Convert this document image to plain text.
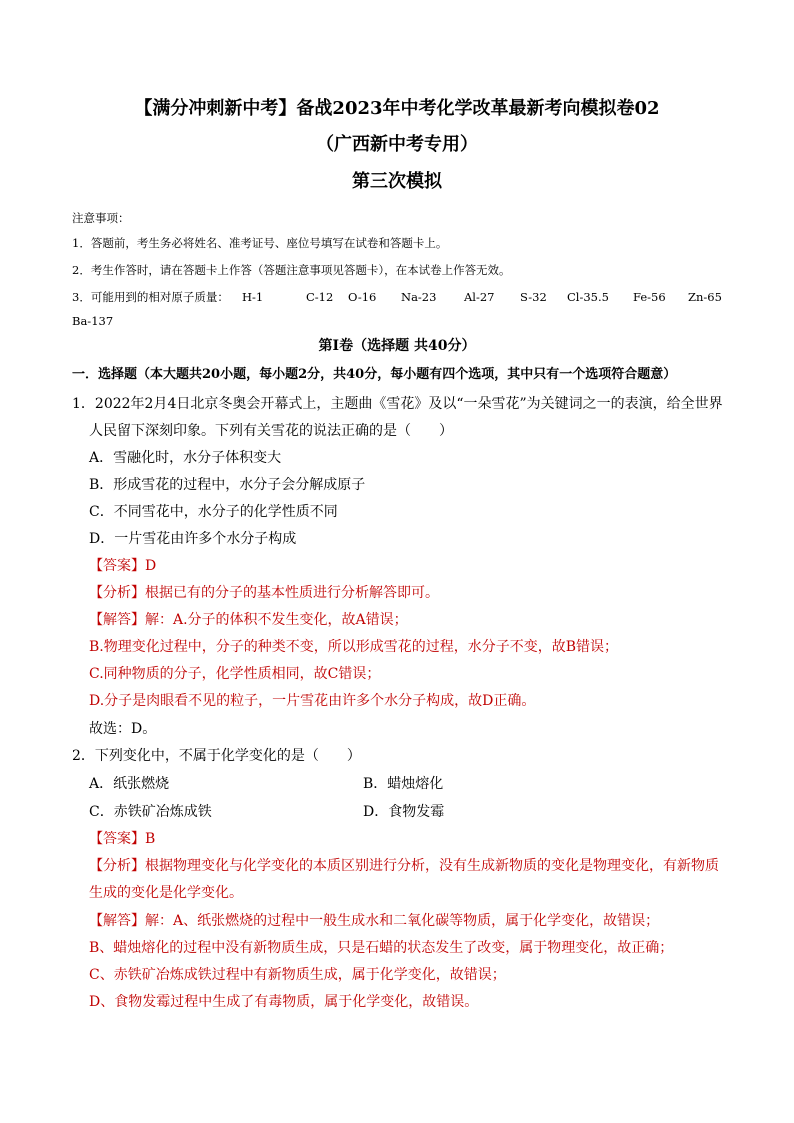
【满分冲刺新中考】备战2023年中考化学改革最新考向模拟卷02
（广西新中考专用）
第三次模拟
注意事项：
1．答题前，考生务必将姓名、准考证号、座位号填写在试卷和答题卡上。
2．考生作答时，请在答题卡上作答（答题注意事项见答题卡），在本试卷上作答无效。
3．可能用到的相对原子质量： H-1	C-12 O-16 Na-23 Al-27 S-32 Cl-35.5 Fe-56 Zn-65
Ba-137
第I卷（选择题 共40分）
一．选择题（本大题共20小题，每小题2分，共40分，每小题有四个选项，其中只有一个选项符合题意）
1．2022年2月4日北京冬奥会开幕式上，主题曲《雪花》及以“一朵雪花”为关键词之一的表演，给全世界
人民留下深刻印象。下列有关雪花的说法正确的是（　　）
A．雪融化时，水分子体积变大
B．形成雪花的过程中，水分子会分解成原子
C．不同雪花中，水分子的化学性质不同
D．一片雪花由许多个水分子构成
【答案】D
【分析】根据已有的分子的基本性质进行分析解答即可。
【解答】解：A.分子的体积不发生变化，故A错误；
B.物理变化过程中，分子的种类不变，所以形成雪花的过程，水分子不变，故B错误；
C.同种物质的分子，化学性质相同，故C错误；
D.分子是肉眼看不见的粒子，一片雪花由许多个水分子构成，故D正确。
故选：D。
2．下列变化中，不属于化学变化的是（　　）
A．纸张燃烧	B．蜡烛熔化
C．赤铁矿冶炼成铁	D．食物发霉
【答案】B
【分析】根据物理变化与化学变化的本质区别进行分析，没有生成新物质的变化是物理变化，有新物质
生成的变化是化学变化。
【解答】解：A、纸张燃烧的过程中一般生成水和二氧化碳等物质，属于化学变化，故错误；
B、蜡烛熔化的过程中没有新物质生成，只是石蜡的状态发生了改变，属于物理变化，故正确；
C、赤铁矿冶炼成铁过程中有新物质生成，属于化学变化，故错误；
D、食物发霉过程中生成了有毒物质，属于化学变化，故错误。
